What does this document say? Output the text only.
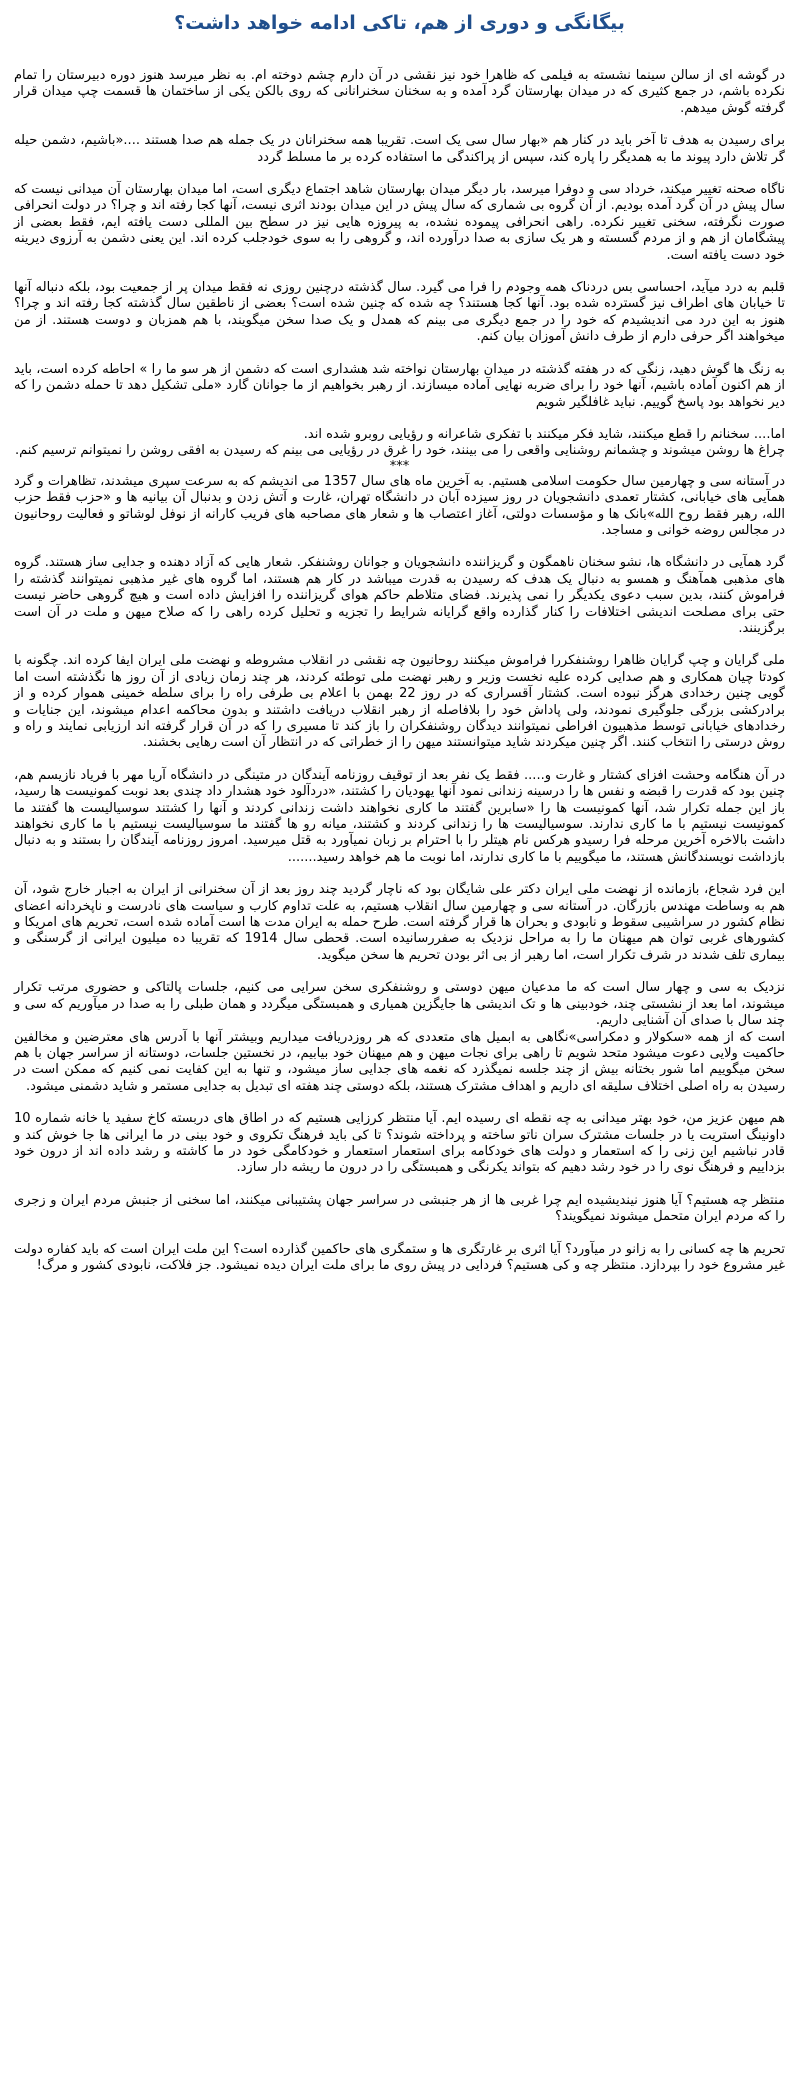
بیگانگی و دوری از هم، تاکی ادامه خواهد داشت؟

در گوشه ای از سالن سینما نشسته به فیلمی که ظاهرا خود نیز نقشی در آن دارم چشم دوخته ام. به نظر میرسد هنوز دوره دبیرستان را تمام نکرده باشم، در جمع کثیری که در میدان بهارستان گرد آمده و به سخنان سخنرانانی که روی بالکن یکی از ساختمان ها قسمت چپ میدان قرار گرفته گوش میدهم.

برای رسیدن به هدف تا آخر باید در کنار هم «بهار سال سی یک است. تقریبا همه سخنرانان در یک جمله هم صدا هستند ....«باشیم، دشمن حیله گر تلاش دارد پیوند ما به همدیگر را پاره کند، سپس از پراکندگی ما استفاده کرده بر ما مسلط گردد

ناگاه صحنه تغییر میکند، خرداد سی و دوفرا میرسد، بار دیگر میدان بهارستان شاهد اجتماع دیگری است، اما میدان بهارستان آن میدانی نیست که سال پیش در آن گرد آمده بودیم. از آن گروه بی شماری که سال پیش در این میدان بودند اثری نیست، آنها کجا رفته اند و چرا؟ در دولت انحرافی صورت نگرفته، سخنی تغییر نکرده. راهی انحرافی پیموده نشده، به پیروزه هایی نیز در سطح بین المللی دست یافته ایم، فقط بعضی از پیشگامان از هم و از مردم گسسته و هر یک سازی به صدا درآورده اند، و گروهی را به سوی خودجلب کرده اند. این یعنی دشمن به آرزوی دیرینه خود دست یافته است.

قلبم به درد میآید، احساسی بس دردناک همه وجودم را فرا می گیرد. سال گذشته درچنین روزی نه فقط میدان پر از جمعیت بود، بلکه دنباله آنها تا خیابان های اطراف نیز گسترده شده بود. آنها کجا هستند؟ چه شده که چنین شده است؟ بعضی از ناطقین سال گذشته کجا رفته اند و چرا؟ هنوز به این درد می اندیشیدم که خود را در جمع دیگری می بینم که همدل و یک صدا سخن میگویند، با هم همزبان و دوست هستند. از من میخواهند اگر حرفی دارم از طرف دانش آموزان بیان کنم.

به زنگ ها گوش دهید، زنگی که در هفته گذشته در میدان بهارستان نواخته شد هشداری است که دشمن از هر سو ما را » احاطه کرده است، باید از هم اکنون آماده باشیم، آنها خود را برای ضربه نهایی آماده میسازند. از رهبر بخواهیم از ما جوانان گارد «ملی تشکیل دهد تا حمله دشمن را که دیر نخواهد بود پاسخ گوییم. نباید غافلگیر شویم

اما.... سخنانم را قطع میکنند، شاید فکر میکنند با تفکری شاعرانه و رؤیایی روبرو شده اند.

چراغ ها روشن میشوند و چشمانم روشنایی واقعی را می بینند، خود را غرق در رؤیایی می بینم که رسیدن به افقی روشن را نمیتوانم ترسیم کنم.

***

در آستانه سی و چهارمین سال حکومت اسلامی هستیم. به آخرین ماه های سال 1357 می اندیشم که به سرعت سپری میشدند، تظاهرات و گرد همآیی های خیابانی، کشتار تعمدی دانشجویان در روز سیزده آبان در دانشگاه تهران، غارت و آتش زدن و بدنبال آن بیانیه ها و «حزب فقط حزب الله، رهبر فقط روح الله»بانک ها و مؤسسات دولتی، آغاز اعتصاب ها و شعار های مصاحبه های فریب کارانه از نوفل لوشاتو و فعالیت روحانیون در مجالس روضه خوانی و مساجد.

گرد همآیی در دانشگاه ها، نشو سخنان ناهمگون و گریزاننده دانشجویان و جوانان روشنفکر. شعار هایی که آزاد دهنده و جدایی ساز هستند. گروه های مذهبی همآهنگ و همسو به دنبال یک هدف که رسیدن به قدرت میباشد در کار هم هستند، اما گروه های غیر مذهبی نمیتوانند گذشته را فراموش کنند، بدین سبب دعوی یکدیگر را نمی پذیرند. فضای متلاطم حاکم هوای گریزاننده را افزایش داده است و هیچ گروهی حاضر نیست حتی برای مصلحت اندیشی اختلافات را کنار گذارده واقع گرایانه شرایط را تجزیه و تحلیل کرده راهی را که صلاح میهن و ملت در آن است برگزینند.

ملی گرایان و چپ گرایان ظاهرا روشنفکررا فراموش میکنند روحانیون چه نقشی در انقلاب مشروطه و نهضت ملی ایران ایفا کرده اند. چگونه با کودتا چیان همکاری و هم صدایی کرده علیه نخست وزیر و رهبر نهضت ملی توطئه کردند، هر چند زمان زیادی از آن روز ها نگذشته است اما گویی چنین رخدادی هرگز نبوده است. کشتار آقسراری که در روز 22 بهمن با اعلام بی طرفی راه را برای سلطه خمینی هموار کرده و از برادرکشی بزرگی جلوگیری نمودند، ولی پاداش خود را بلافاصله از رهبر انقلاب دریافت داشتند و بدون محاکمه اعدام میشوند، این جنایات و رخدادهای خیابانی توسط مذهبیون افراطی نمیتوانند دیدگان روشنفکران را باز کند تا مسیری را که در آن قرار گرفته اند ارزیابی نمایند و راه و روش درستی را انتخاب کنند. اگر چنین میکردند شاید میتوانستند میهن را از خطراتی که در انتظار آن است رهایی بخشند.

در آن هنگامه وحشت افزای کشتار و غارت و..... فقط یک نفر بعد از توقیف روزنامه آیندگان در متینگی در دانشگاه آریا مهر با فریاد نازیسم هم، چنین بود که قدرت را قبضه و نفس ها را درسینه زندانی نمود آنها یهودیان را کشتند، «دردآلود خود هشدار داد چندی بعد نوبت کمونیست ها رسید، باز این جمله تکرار شد، آنها کمونیست ها را «سابرین گفتند ما کاری نخواهند داشت زندانی کردند و آنها را کشتند سوسیالیست ها گفتند ما کمونیست نیستیم با ما کاری ندارند. سوسیالیست ها را زندانی کردند و کشتند، میانه رو ها گفتند ما سوسیالیست نیستیم با ما کاری نخواهند داشت بالاخره آخرین مرحله فرا رسیدو هرکس نام هیتلر را با احترام بر زبان نمیآورد به قتل میرسید. امروز روزنامه آیندگان را بستند و به دنبال بازداشت نویسندگانش هستند، ما میگوییم با ما کاری ندارند، اما نوبت ما هم خواهد رسید.......

این فرد شجاع، بازمانده از نهضت ملی ایران دکتر علی شایگان بود که ناچار گردید چند روز بعد از آن سخنرانی از ایران به اجبار خارج شود، آن هم به وساطت مهندس بازرگان. در آستانه سی و چهارمین سال انقلاب هستیم، به علت تداوم کارب و سیاست های نادرست و ناپخردانه اعضای نظام کشور در سراشیبی سقوط و نابودی و بحران ها قرار گرفته است. طرح حمله به ایران مدت ها است آماده شده است، تحریم های امریکا و کشورهای غربی توان هم میهنان ما را به مراحل نزدیک به صفررسانیده است. قحطی سال 1914 که تقریبا ده میلیون ایرانی از گرسنگی و بیماری تلف شدند در شرف تکرار است، اما رهبر از بی اثر بودن تحریم ها سخن میگوید.

نزدیک به سی و چهار سال است که ما مدعیان میهن دوستی و روشنفکری سخن سرایی می کنیم، جلسات پالتاکی و حضوری مرتب تکرار میشوند، اما بعد از نشستی چند، خودبینی ها و تک اندیشی ها جایگزین همیاری و همبستگی میگردد و همان طبلی را به صدا در میآوریم که سی و چند سال با صدای آن آشنایی داریم.

است که از همه «سکولار و دمکراسی»نگاهی به ابمیل های متعددی که هر روزدریافت میداریم وبیشتر آنها با آدرس های معترضین و مخالفین حاکمیت ولایی دعوت میشود متحد شویم تا راهی برای نجات میهن و هم میهنان خود بیابیم، در نخستین جلسات، دوستانه از سراسر جهان با هم سخن میگوییم اما شور بختانه بیش از چند جلسه نمیگذرد که نغمه های جدایی ساز میشود، و تنها به این کفایت نمی کنیم که ممکن است در رسیدن به راه اصلی اختلاف سلیقه ای داریم و اهداف مشترک هستند، بلکه دوستی چند هفته ای تبدیل به جدایی مستمر و شاید دشمنی میشود.

هم میهن عزیز من، خود بهتر میدانی به چه نقطه ای رسیده ایم. آیا منتظر کرزایی هستیم که در اطاق های دربسته کاخ سفید یا خانه شماره 10 داونینگ استریت یا در جلسات مشترک سران ناتو ساخته و پرداخته شوند؟ تا کی باید فرهنگ تکروی و خود بینی در ما ایرانی ها جا خوش کند و قادر نباشیم این زنی را که استعمار و دولت های خودکامه برای استعمار استعمار و خودکامگی خود در ما کاشته و رشد داده اند از درون خود بزداییم و فرهنگ نوی را در خود رشد دهیم که بتواند یکرنگی و همبستگی را در درون ما ریشه دار سازد.

منتظر چه هستیم؟ آیا هنوز نیندیشیده ایم چرا غربی ها از هر جنبشی در سراسر جهان پشتیبانی میکنند، اما سخنی از جنبش مردم ایران و زجری را که مردم ایران متحمل میشوند نمیگویند؟

تحریم ها چه کسانی را به زانو در میآورد؟ آیا اثری بر غارتگری ها و ستمگری های حاکمین گذارده است؟ این ملت ایران است که باید کفاره دولت غیر مشروع خود را بپردازد. منتظر چه و کی هستیم؟ فردایی در پیش روی ما برای ملت ایران دیده نمیشود. جز فلاکت، نابودی کشور و مرگ!
